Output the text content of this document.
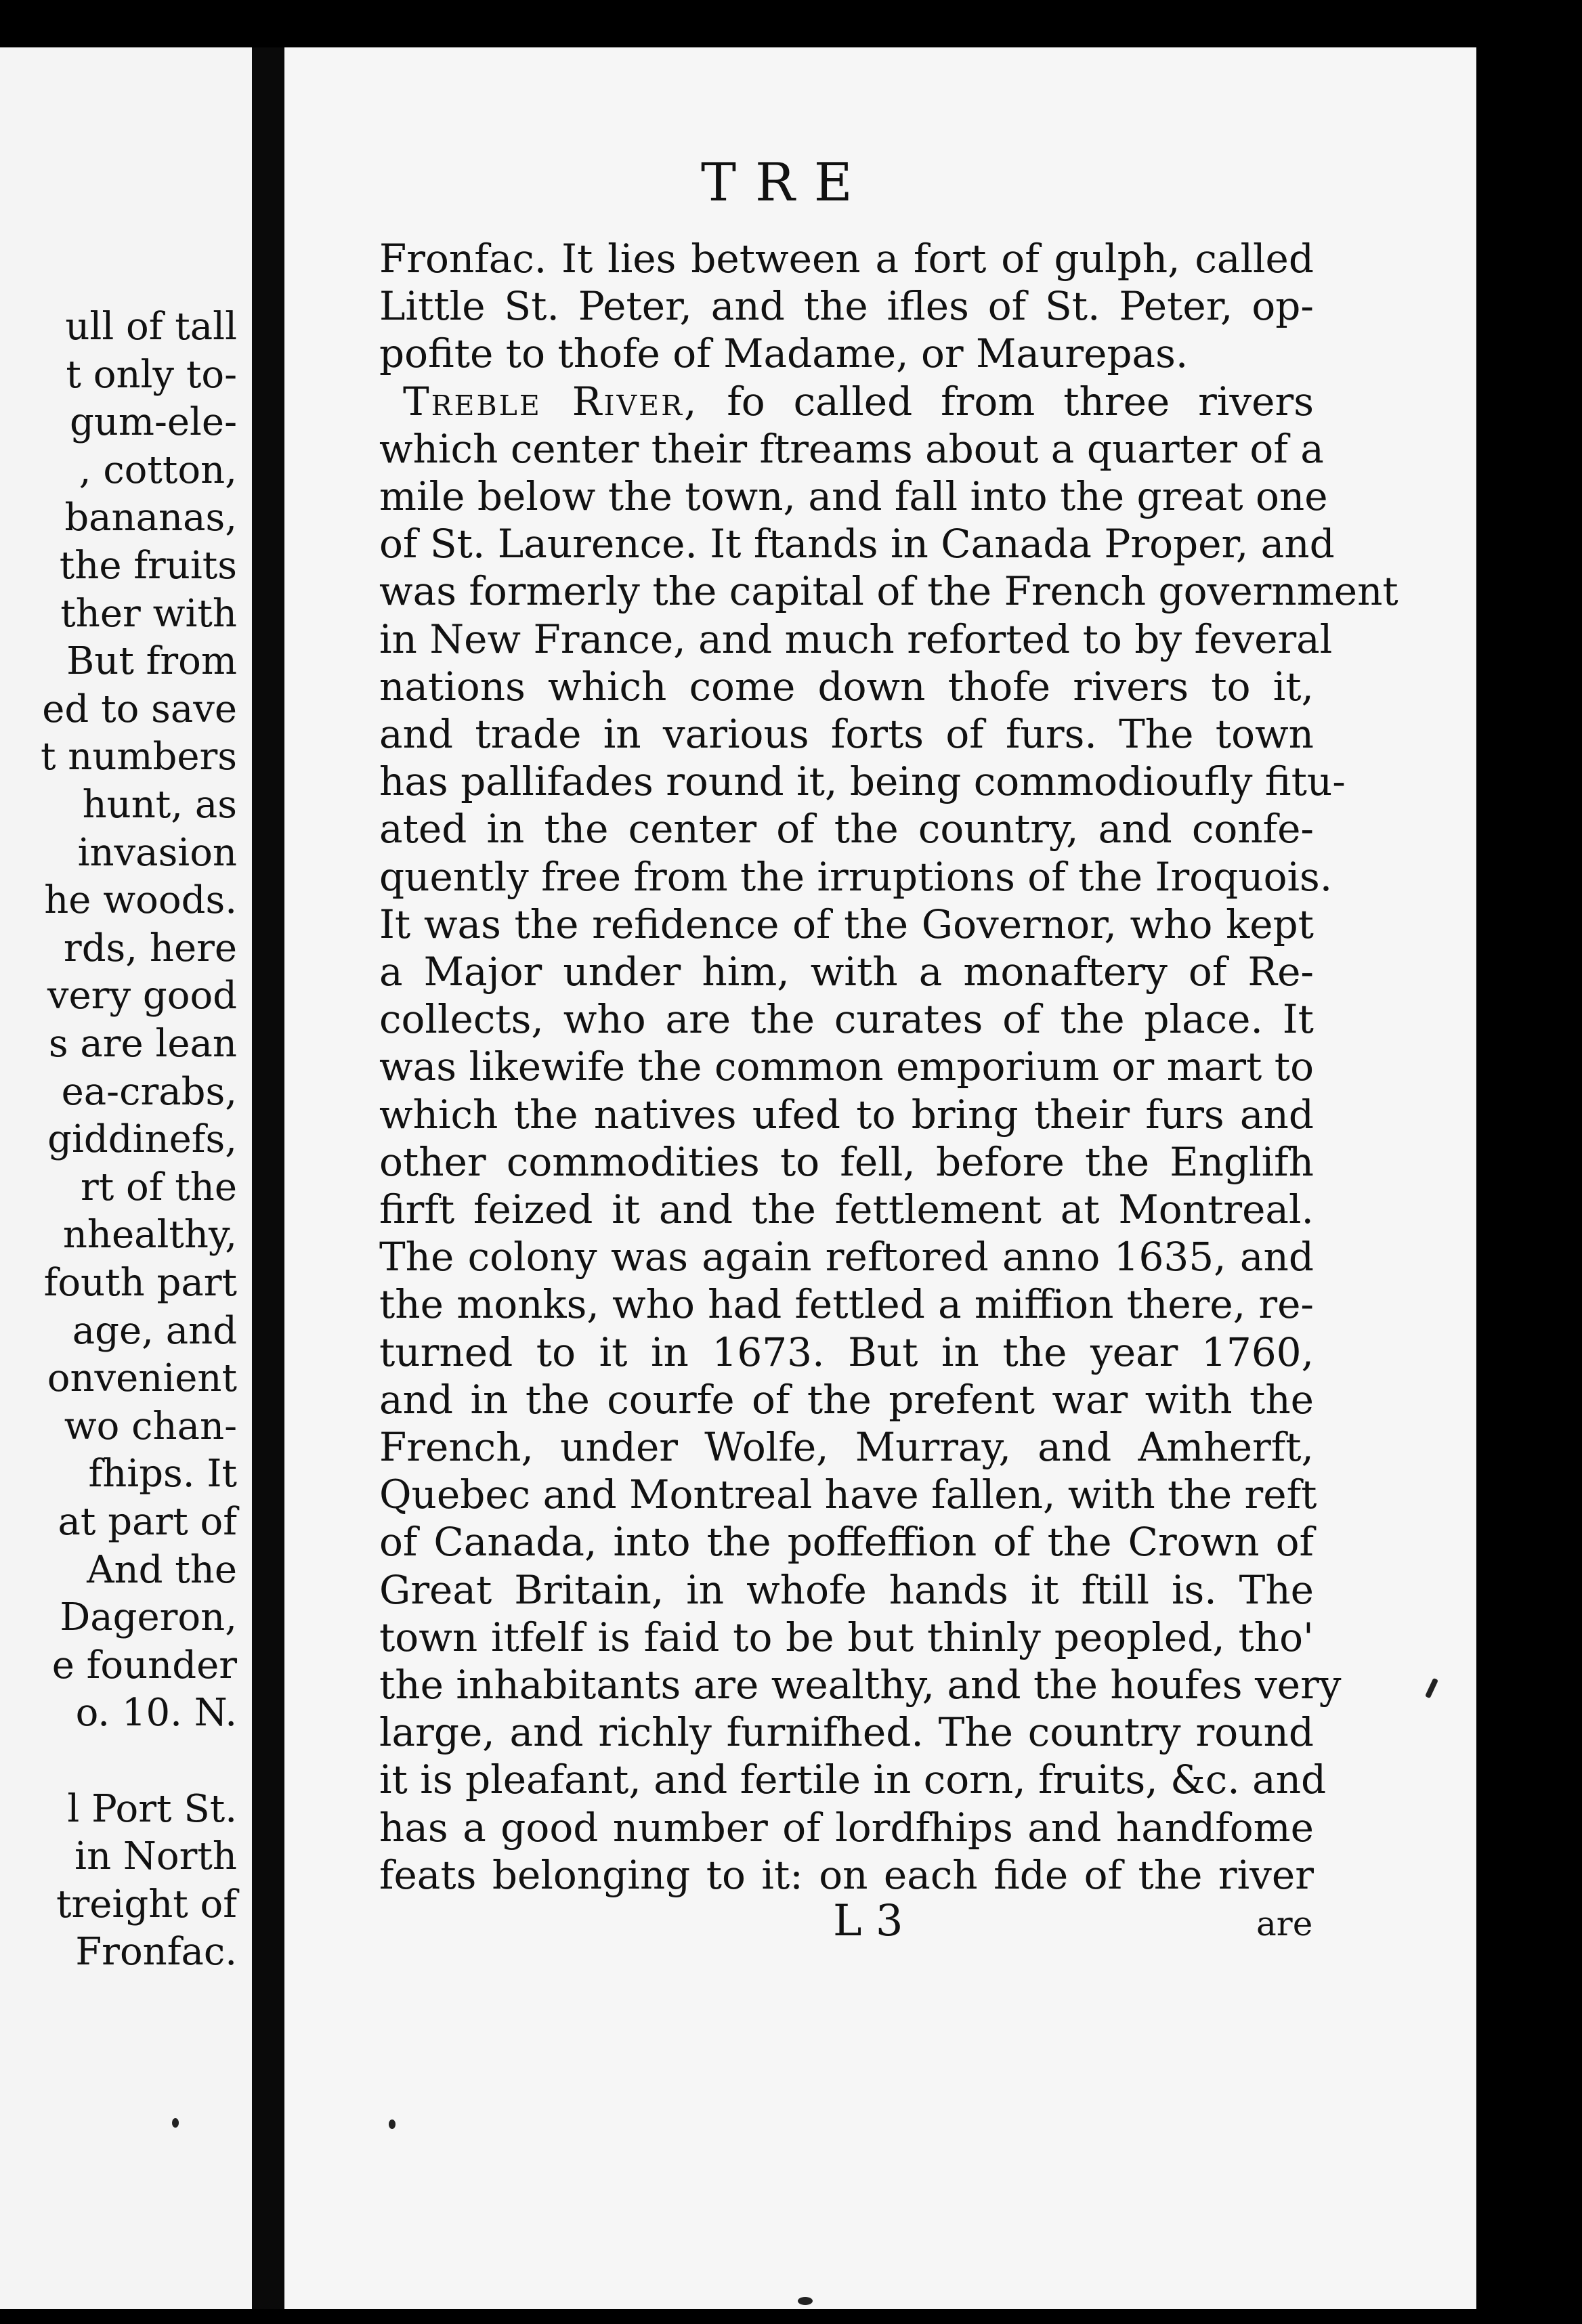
ull of tall
t only to-
gum-ele-
, cotton,
bananas,
the fruits
ther with
But from
ed to save
t numbers
hunt, as
invasion
he woods.
rds, here
very good
s are lean
ea-crabs,
giddinefs,
rt of the
nhealthy,
fouth part
age, and
onvenient
wo chan-
fhips. It
at part of
And the
Dageron,
e founder
o. 10. N.
l Port St.
in North
treight of
Fronfac.
TRE
Fronfac. It lies between a fort of gulph, called
Little St. Peter, and the ifles of St. Peter, op-
pofite to thofe of Madame, or Maurepas.
Treble River, fo called from three rivers
which center their ftreams about a quarter of a
mile below the town, and fall into the great one
of St. Laurence. It ftands in Canada Proper, and
was formerly the capital of the French government
in New France, and much reforted to by feveral
nations which come down thofe rivers to it,
and trade in various forts of furs. The town
has pallifades round it, being commodioufly fitu-
ated in the center of the country, and confe-
quently free from the irruptions of the Iroquois.
It was the refidence of the Governor, who kept
a Major under him, with a monaftery of Re-
collects, who are the curates of the place. It
was likewife the common emporium or mart to
which the natives ufed to bring their furs and
other commodities to fell, before the Englifh
firft feized it and the fettlement at Montreal.
The colony was again reftored anno 1635, and
the monks, who had fettled a miffion there, re-
turned to it in 1673. But in the year 1760,
and in the courfe of the prefent war with the
French, under Wolfe, Murray, and Amherft,
Quebec and Montreal have fallen, with the reft
of Canada, into the poffeffion of the Crown of
Great Britain, in whofe hands it ftill is. The
town itfelf is faid to be but thinly peopled, tho'
the inhabitants are wealthy, and the houfes very
large, and richly furnifhed. The country round
it is pleafant, and fertile in corn, fruits, &c. and
has a good number of lordfhips and handfome
feats belonging to it: on each fide of the river
L 3	are
